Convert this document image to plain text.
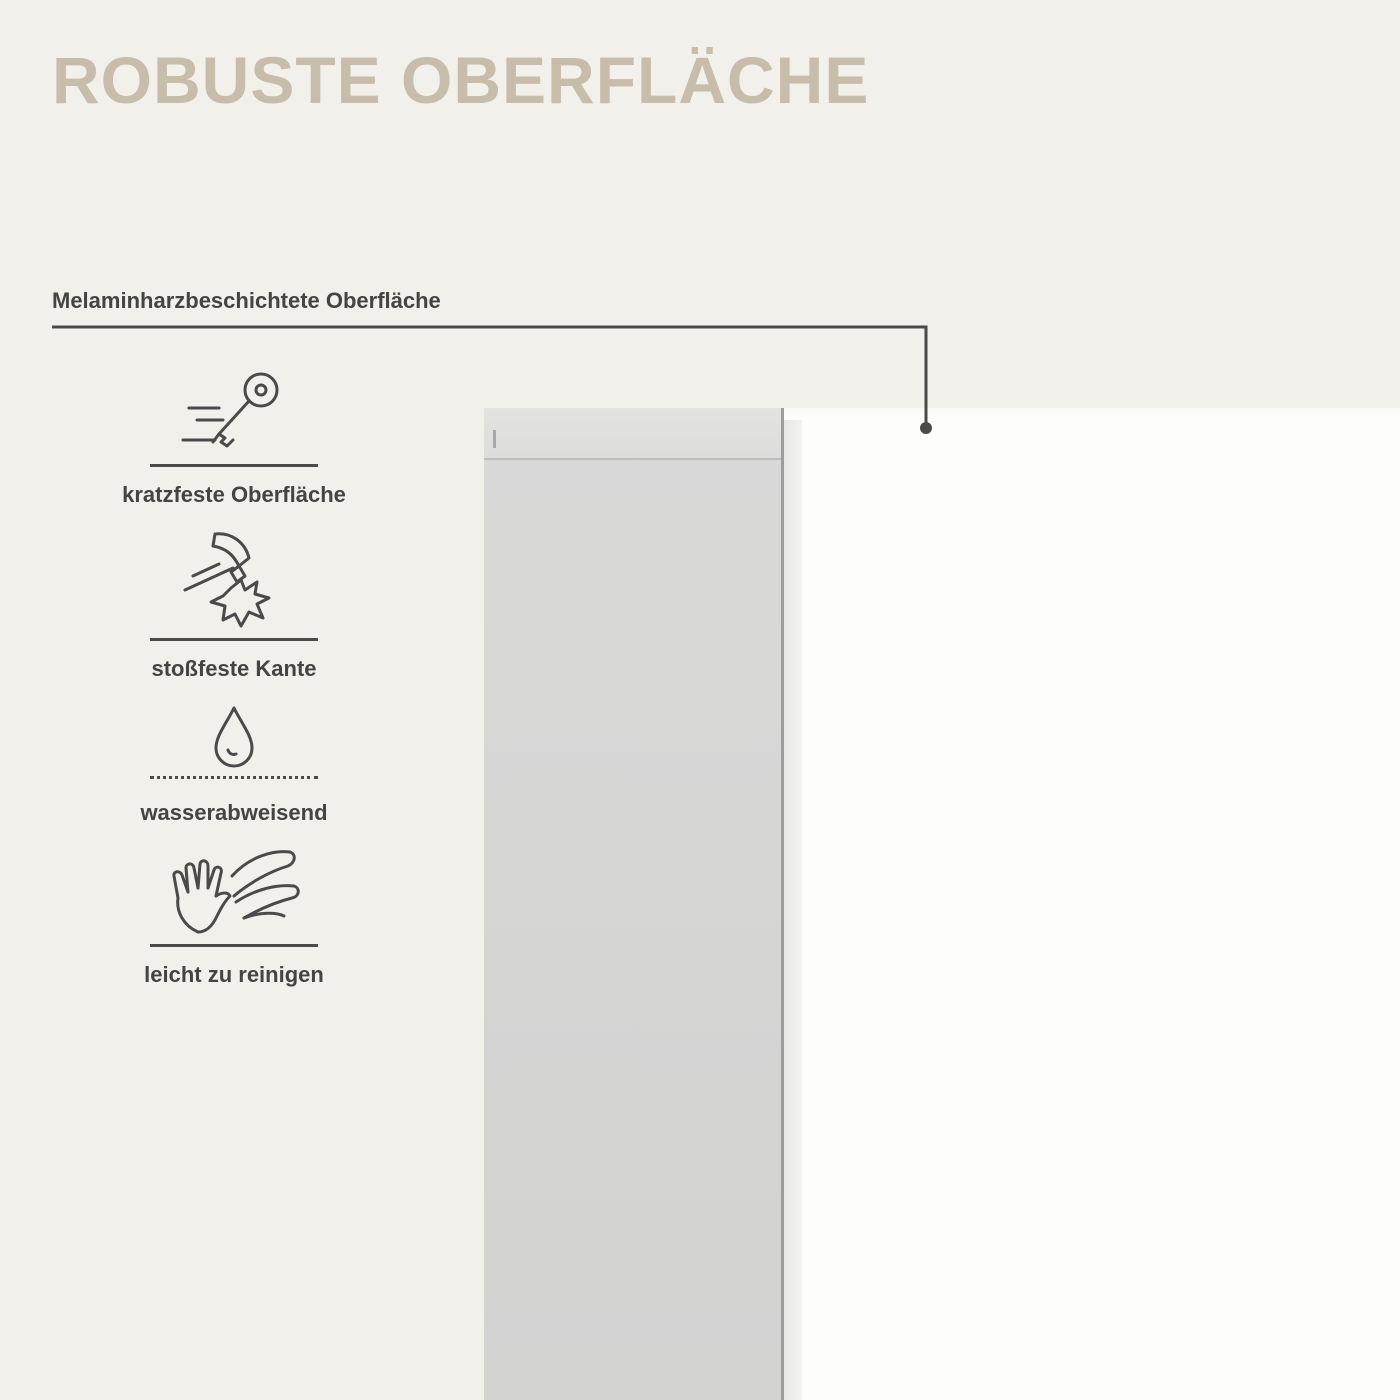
ROBUSTE OBERFLÄCHE
Melaminharzbeschichtete Oberfläche
kratzfeste Oberfläche
stoßfeste Kante
wasserabweisend
leicht zu reinigen
